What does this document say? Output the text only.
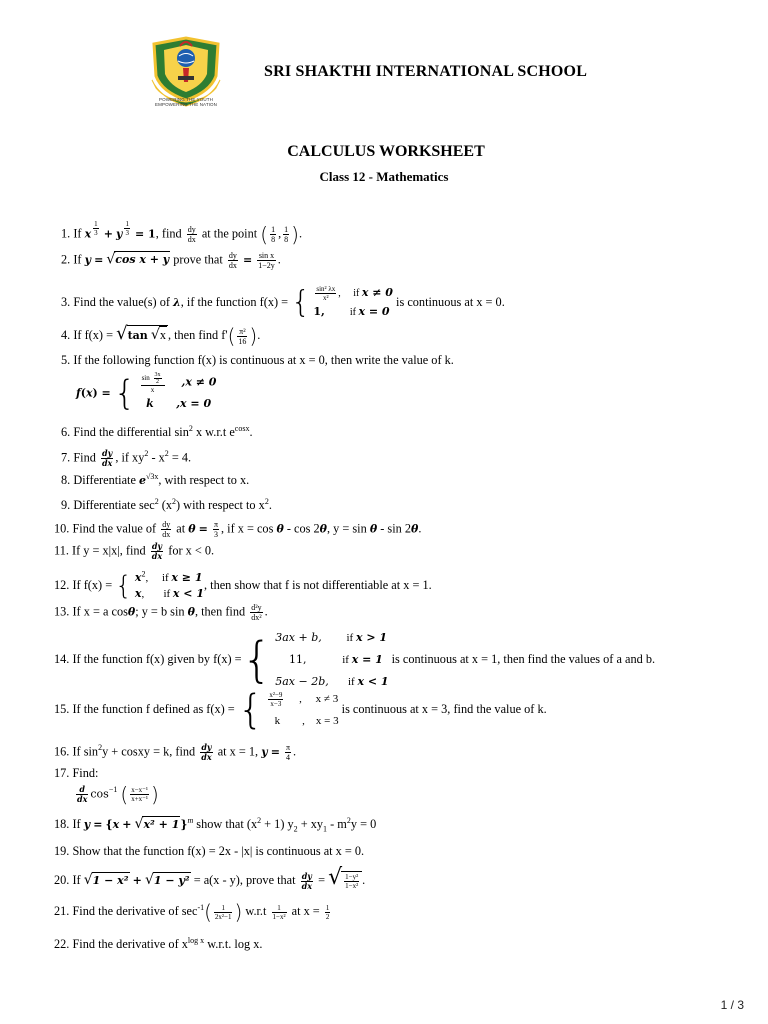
POWERING THE YOUTH
EMPOWERING THE NATION
SRI SHAKTHI INTERNATIONAL SCHOOL
CALCULUS WORKSHEET
Class 12 - Mathematics
1. If x $^{\frac{1}{3}}$ + y $^{\frac{1}{3}}$ = 1, find $\frac{dy}{dx}$ at the point ( $\frac{1}{8}$ , $\frac{1}{8}$ ).
2. If y = √cos x + y prove that $\frac{dy}{dx} = \frac{\text{sin x}}{1-2y}$ .
3. Find the value(s) of λ, if the function f(x) = { $\frac{\text{sin² λx}}{\text{x²}}$ ,     if x ≠ 0
1,          if x = 0
is continuous at x = 0.
4. If f(x) = √tan √x , then find $f'( \frac{\text{π²}}{16}$ ).
5. If the following function f(x) is continuous at x = 0, then write the value of k.
f(x) = { $\frac{\sin \frac{3x}{2}}{x} ,x \ne 0$
k ,x = 0
6. Find the differential $\sin^2 x$ w.r.t $e^{cosx}$.
7. Find $\frac{dy}{dx}$ , if $xy^2 - x^2 = 4$.
8. Differentiate $e^{√3x}$, with respect to x.
9. Differentiate $\sec^2 (x^2)$ with respect to $x^2$.
10. Find the value of $\frac{dy}{dx}$ at $\theta = \frac{\pi}{3}$ , if x = cos θ - cos 2θ, y = sin θ - sin 2θ.
11. If y = x|x|, find $\frac{dy}{dx}$ for x < 0.
12. If f(x) = { $x^2$,     if x ≥ 1
x,       if x < 1
, then show that f is not differentiable at x = 1.
13. If x = a cosθ; y = b sin θ, then find $\frac{\text{d²y}}{\text{dx²}}$ .
14. If the function f(x) given by f(x) ={ 3ax + b,         if x > 1
11,             if x = 1
5ax − 2b,       if x < 1
is continuous at x = 1, then find the values of a and b.
15. If the function f defined as f(x) = { $\frac{\text{x²−9}}{x-3}$ ,     x ≠ 3
k        ,    x = 3
is continuous at x = 3, find the value of k.
16. If $\sin^2y$ + cosxy = k, find $\frac{dy}{dx}$ at x = 1, $y = \frac{\pi}{4}$ .
17. Find:
$\frac{d}{dx} \cos^{-1}$ ( $\frac{\text{x−x⁻¹}}{\text{x+x⁻¹}}$ )
18. If $y = \{x + √x^2 + 1\}^m$ show that $(x^2 + 1) y_2 + xy_1 - m^2y = 0$
19. Show that the function f(x) = 2x - |x| is continuous at x = 0.
20. If √1 − x² + √1 − y² = a(x - y), prove that $\frac{dy}{dx}$ = √ $\frac{\text{1−y²}}{\text{1−x²}}$ .
21. Find the derivative of $\sec^{-1}( \frac{1}{\text{2x²−1}}$ ) $w.r.t \frac{1}{\text{1−x²}}$ at $x = \frac{1}{2}$
22. Find the derivative of $x^{log x}$ w.r.t. log x.
1 / 3
